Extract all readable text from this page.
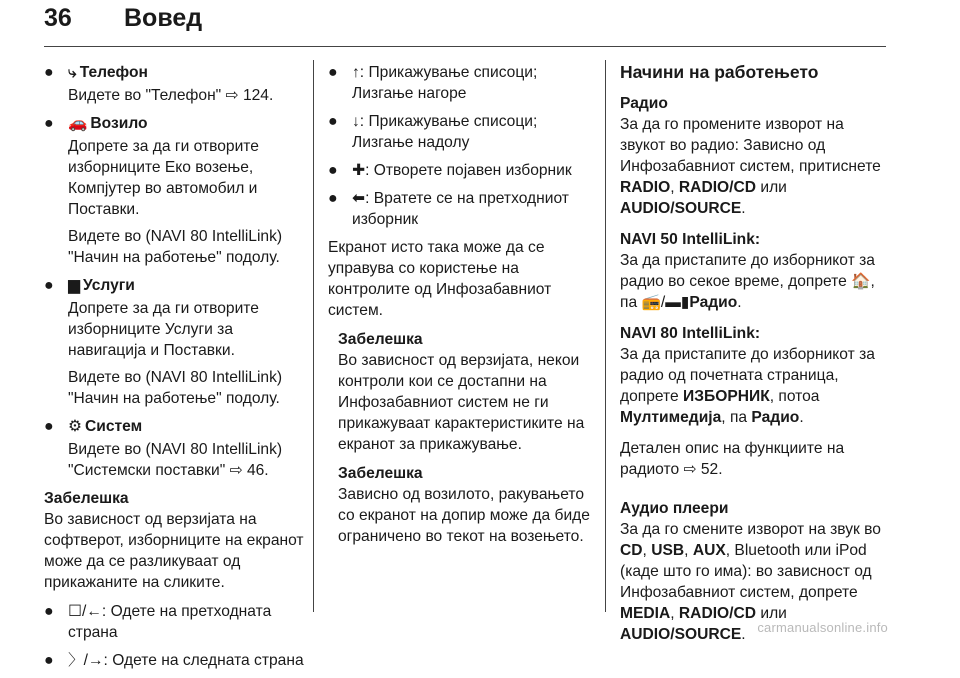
36 Вовед
● ⤷ Телефон
Видете во "Телефон" ⇨ 124.
● 🚗 Возило
Допрете за да ги отворите изборниците Еко возење, Компјутер во автомобил и Поставки.
Видете во (NAVI 80 IntelliLink) "Начин на работење" подолу.
● ▆ Услуги
Допрете за да ги отворите изборниците Услуги за навигација и Поставки.
Видете во (NAVI 80 IntelliLink) "Начин на работење" подолу.
● ⚙ Систем
Видете во (NAVI 80 IntelliLink) "Системски поставки" ⇨ 46.
Забелешка
Во зависност од верзијата на софтверот, изборниците на екранот може да се разликуваат од прикажаните на сликите.
● ☐/←: Одете на претходната страна
● 〉/→: Одете на следната страна
● ↑: Прикажување списоци; Лизгање нагоре
● ↓: Прикажување списоци; Лизгање надолу
● ✚: Отворете појавен изборник
● ⬅: Вратете се на претходниот изборник
Екранот исто така може да се управува со користење на контролите од Инфозабавниот систем.
Забелешка
Во зависност од верзијата, некои контроли кои се достапни на Инфозабавниот систем не ги прикажуваат карактеристиките на екранот за прикажување.
Забелешка
Зависно од возилото, ракувањето со екранот на допир може да биде ограничено во текот на возењето.
Начини на работењето
Радио
За да го промените изворот на звукот во радио: Зависно од Инфозабавниот систем, притиснете RADIO, RADIO/CD или AUDIO/SOURCE.
NAVI 50 IntelliLink:
За да пристапите до изборникот за радио во секое време, допрете 🏠, па 📻/▬▮Радио.
NAVI 80 IntelliLink:
За да пристапите до изборникот за радио од почетната страница, допрете ИЗБОРНИК, потоа Мултимедија, па Радио.
Детален опис на функциите на радиото ⇨ 52.
Аудио плеери
За да го смените изворот на звук во CD, USB, AUX, Bluetooth или iPod (каде што го има): во зависност од Инфозабавниот систем, допрете MEDIA, RADIO/CD или AUDIO/SOURCE. carmanualsonline.info
